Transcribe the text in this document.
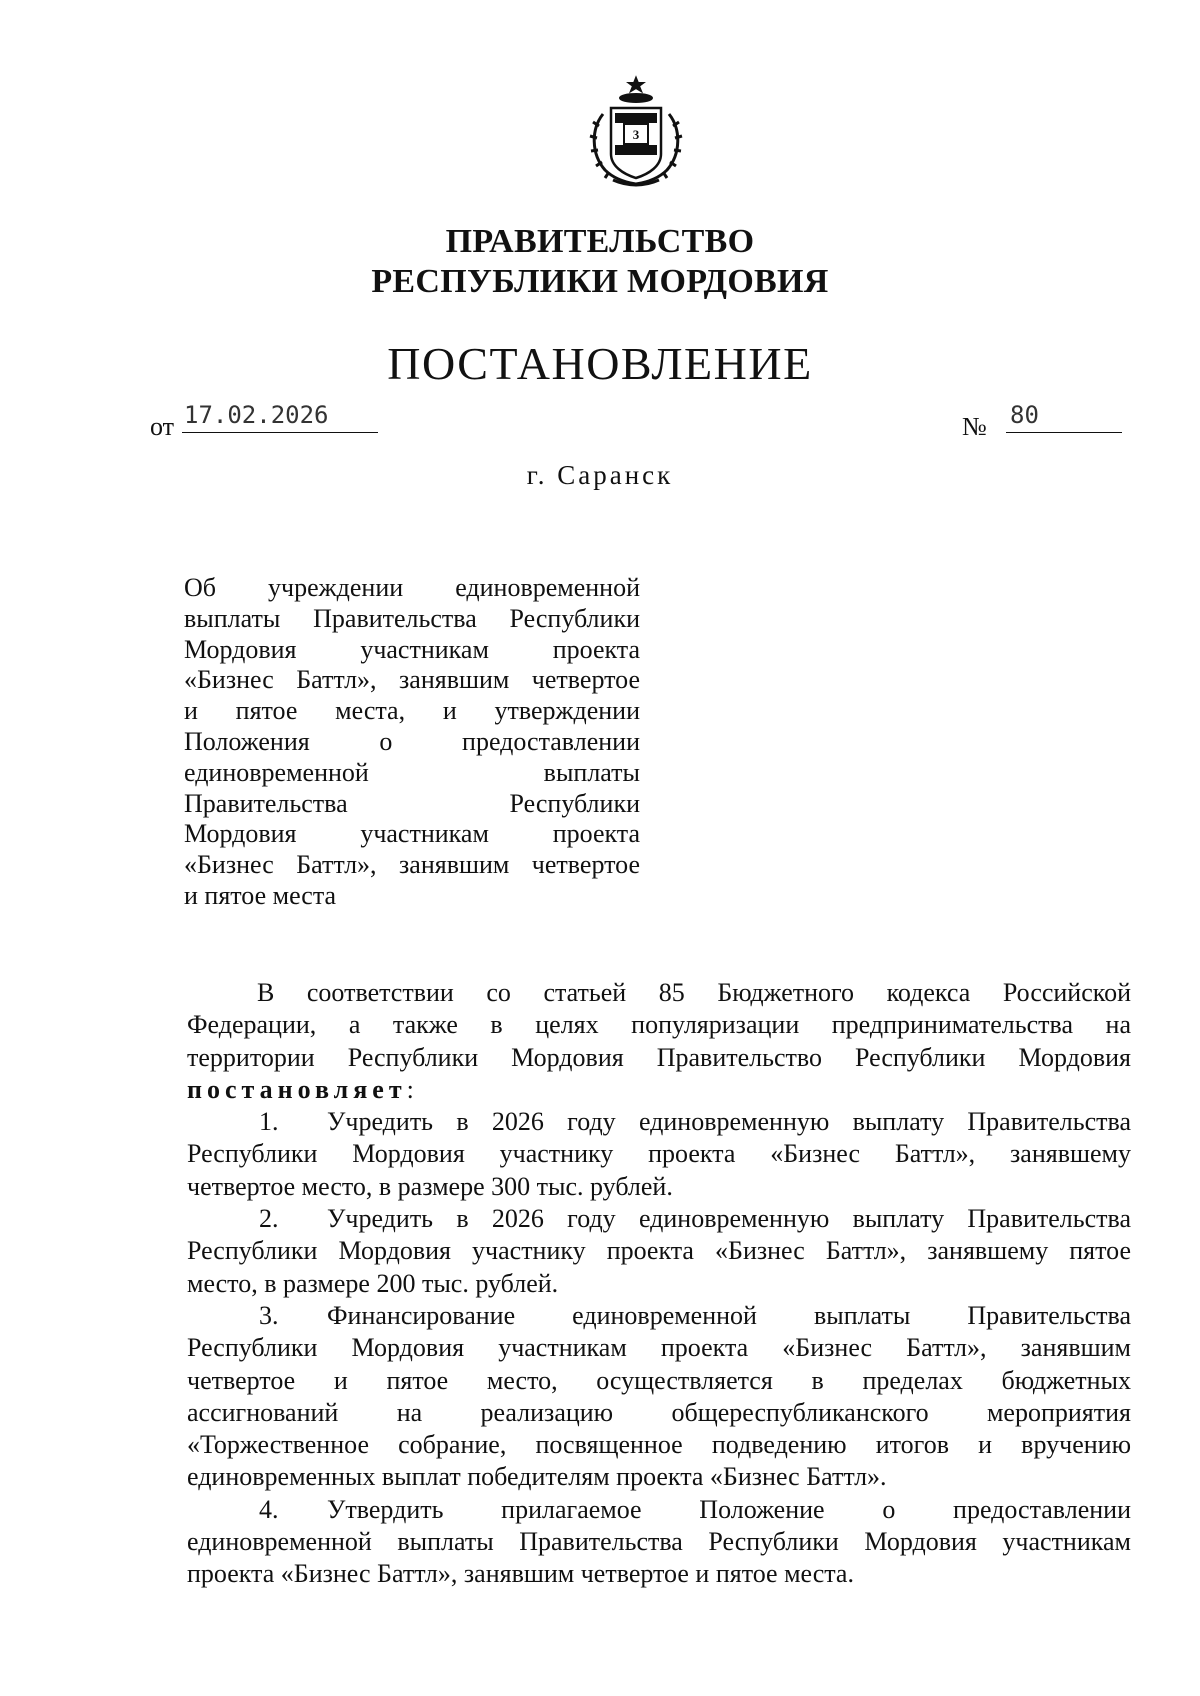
3
ПРАВИТЕЛЬСТВО
РЕСПУБЛИКИ МОРДОВИЯ
ПОСТАНОВЛЕНИЕ
от 17.02.2026	№ 80
г. Саранск
Об учреждении единовременной
выплаты Правительства Республики
Мордовия участникам проекта
«Бизнес Баттл», занявшим четвертое
и пятое места, и утверждении
Положения о предоставлении
единовременной выплаты
Правительства Республики
Мордовия участникам проекта
«Бизнес Баттл», занявшим четвертое
и пятое места
В соответствии со статьей 85 Бюджетного кодекса Российской
Федерации, а также в целях популяризации предпринимательства на
территории Республики Мордовия Правительство Республики Мордовия
постановляет:
1. Учредить в 2026 году единовременную выплату Правительства
Республики Мордовия участнику проекта «Бизнес Баттл», занявшему
четвертое место, в размере 300 тыс. рублей.
2. Учредить в 2026 году единовременную выплату Правительства
Республики Мордовия участнику проекта «Бизнес Баттл», занявшему пятое
место, в размере 200 тыс. рублей.
3. Финансирование единовременной выплаты Правительства
Республики Мордовия участникам проекта «Бизнес Баттл», занявшим
четвертое и пятое место, осуществляется в пределах бюджетных
ассигнований на реализацию общереспубликанского мероприятия
«Торжественное собрание, посвященное подведению итогов и вручению
единовременных выплат победителям проекта «Бизнес Баттл».
4. Утвердить прилагаемое Положение о предоставлении
единовременной выплаты Правительства Республики Мордовия участникам
проекта «Бизнес Баттл», занявшим четвертое и пятое места.
